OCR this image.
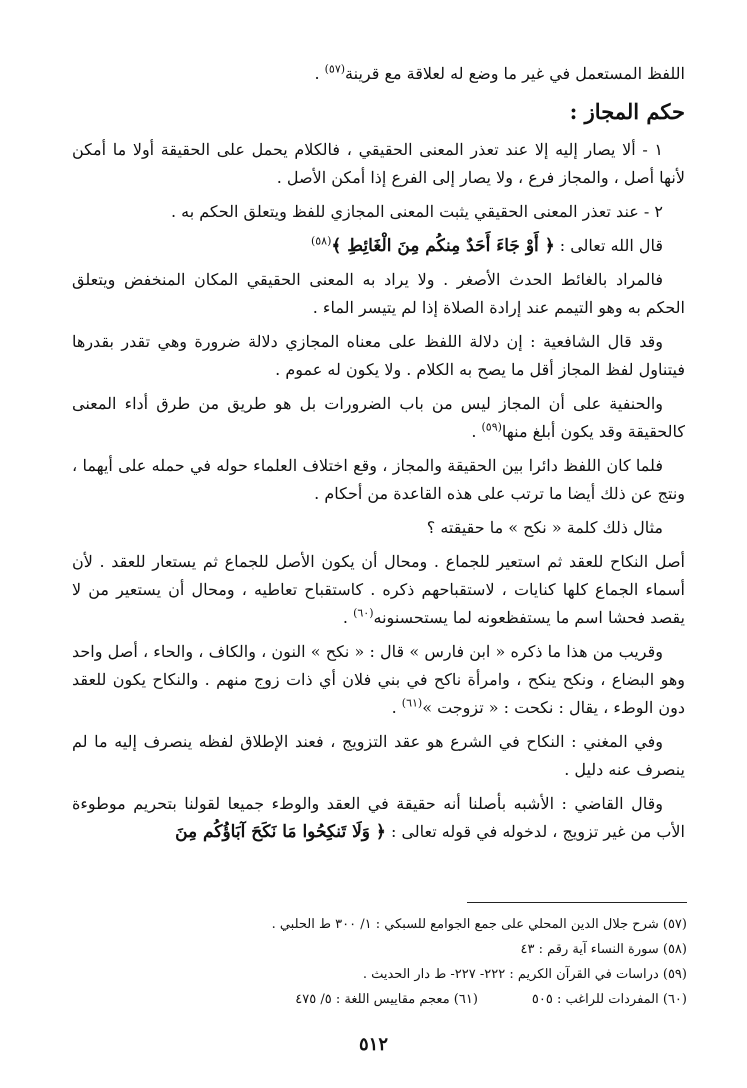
اللفظ المستعمل في غير ما وضع له لعلاقة مع قرينة$^{(٥٧)}$ .

حكم المجاز :

١ - ألا يصار إليه إلا عند تعذر المعنى الحقيقي ، فالكلام يحمل على الحقيقة أولا ما أمكن لأنها أصل ، والمجاز فرع ، ولا يصار إلى الفرع إذا أمكن الأصل .

٢ - عند تعذر المعنى الحقيقي يثبت المعنى المجازي للفظ ويتعلق الحكم به .

قال الله تعالى : ﴿ أَوْ جَاءَ أَحَدٌ مِنكُم مِنَ الْغَائِطِ ﴾$^{(٥٨)}$

فالمراد بالغائط الحدث الأصغر . ولا يراد به المعنى الحقيقي المكان المنخفض ويتعلق الحكم به وهو التيمم عند إرادة الصلاة إذا لم يتيسر الماء .

وقد قال الشافعية : إن دلالة اللفظ على معناه المجازي دلالة ضرورة وهي تقدر بقدرها فيتناول لفظ المجاز أقل ما يصح به الكلام . ولا يكون له عموم .

والحنفية على أن المجاز ليس من باب الضرورات بل هو طريق من طرق أداء المعنى كالحقيقة وقد يكون أبلغ منها$^{(٥٩)}$ .

فلما كان اللفظ دائرا بين الحقيقة والمجاز ، وقع اختلاف العلماء حوله في حمله على أيهما ، ونتج عن ذلك أيضا ما ترتب على هذه القاعدة من أحكام .

مثال ذلك كلمة « نكح » ما حقيقته ؟

أصل النكاح للعقد ثم استعير للجماع . ومحال أن يكون الأصل للجماع ثم يستعار للعقد . لأن أسماء الجماع كلها كنايات ، لاستقباحهم ذكره . كاستقباح تعاطيه ، ومحال أن يستعير من لا يقصد فحشا اسم ما يستفظعونه لما يستحسنونه$^{(٦٠)}$ .

وقريب من هذا ما ذكره « ابن فارس » قال : « نكح » النون ، والكاف ، والحاء ، أصل واحد وهو البضاع ، ونكح ينكح ، وامرأة ناكح في بني فلان أي ذات زوج منهم . والنكاح يكون للعقد دون الوطء ، يقال : نكحت : « تزوجت »$^{(٦١)}$ .

وفي المغني : النكاح في الشرع هو عقد التزويج ، فعند الإطلاق لفظه ينصرف إليه ما لم ينصرف عنه دليل .

وقال القاضي : الأشبه بأصلنا أنه حقيقة في العقد والوطء جميعا لقولنا بتحريم موطوءة الأب من غير تزويج ، لدخوله في قوله تعالى : ﴿ وَلَا تَنكِحُوا مَا نَكَحَ آبَاؤُكُم مِنَ

(٥٧) شرح جلال الدين المحلي على جمع الجوامع للسبكي : ١/ ٣٠٠ ط الحلبي .
(٥٨) سورة النساء آية رقم : ٤٣
(٥٩) دراسات في القرآن الكريم : ٢٢٢- ٢٢٧- ط دار الحديث .
(٦٠) المفردات للراغب : ٥٠٥
(٦١) معجم مقاييس اللغة : ٥/ ٤٧٥
٥١٢
